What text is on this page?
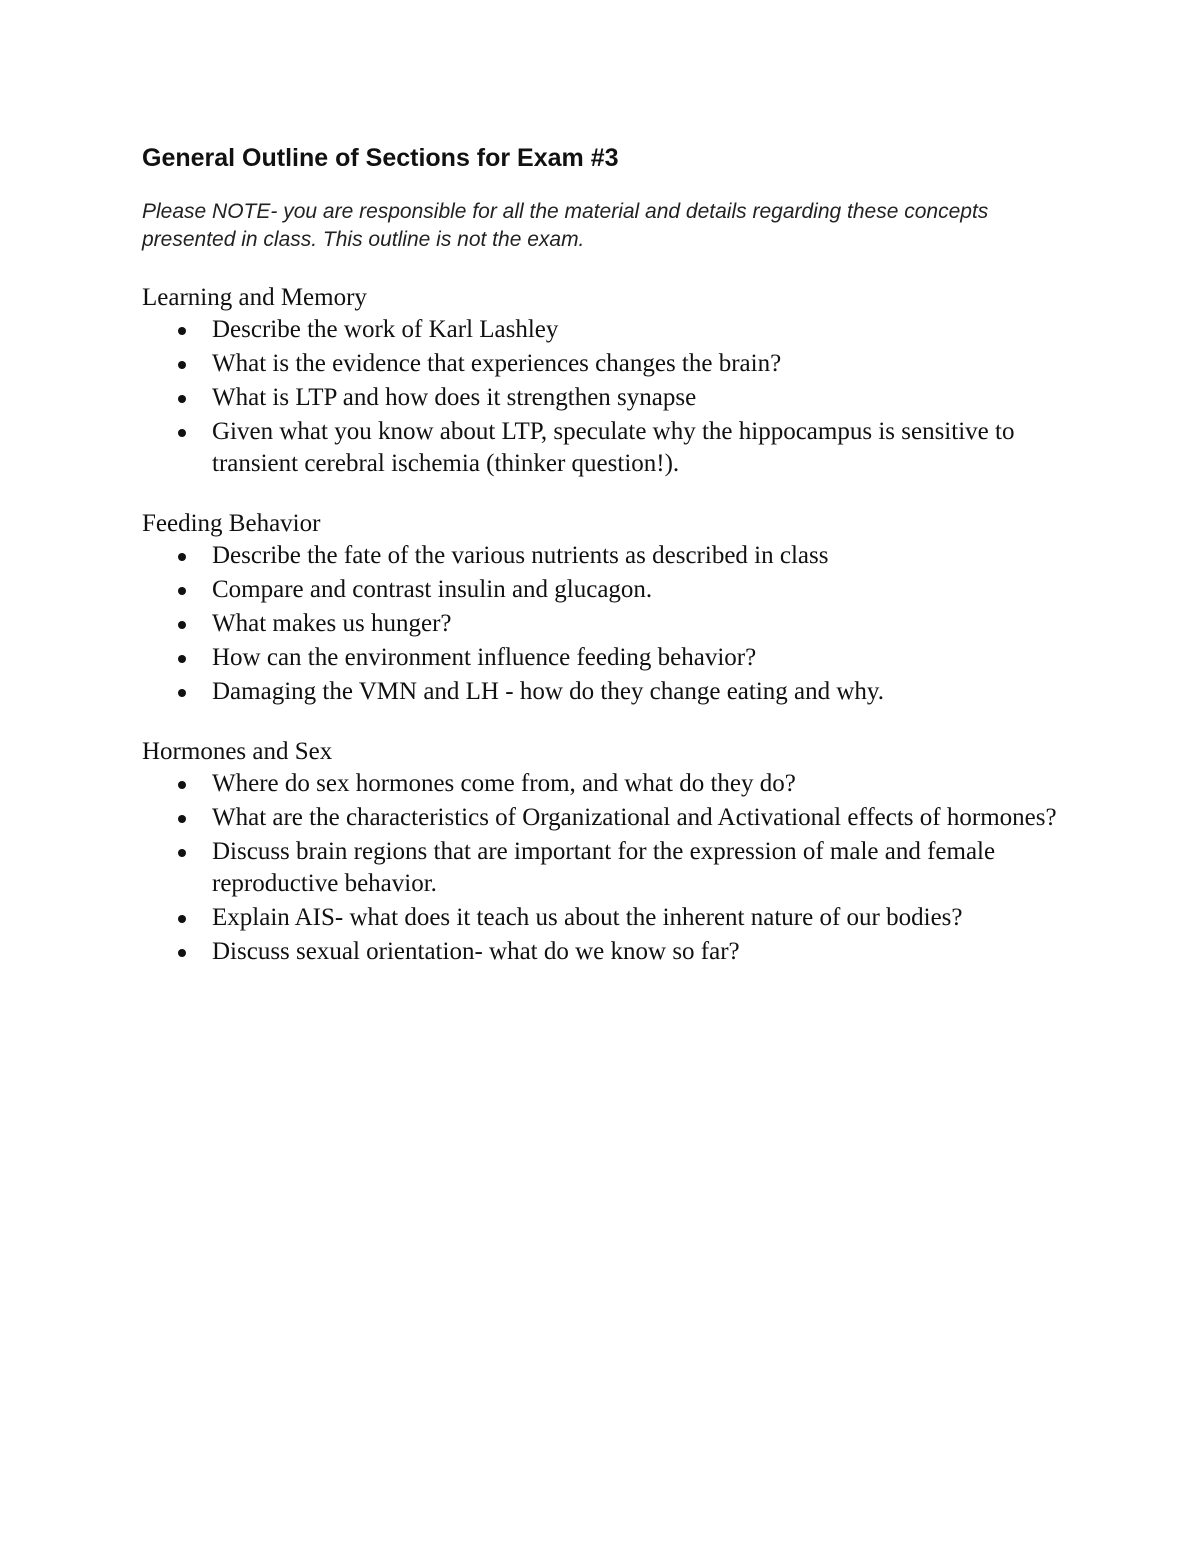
General Outline of Sections for Exam #3

Please NOTE- you are responsible for all the material and details regarding these concepts presented in class. This outline is not the exam.

Learning and Memory

Describe the work of Karl Lashley
What is the evidence that experiences changes the brain?
What is LTP and how does it strengthen synapse
Given what you know about LTP, speculate why the hippocampus is sensitive to transient cerebral ischemia (thinker question!).

Feeding Behavior

Describe the fate of the various nutrients as described in class
Compare and contrast insulin and glucagon.
What makes us hunger?
How can the environment influence feeding behavior?
Damaging the VMN and LH - how do they change eating and why.

Hormones and Sex

Where do sex hormones come from, and what do they do?
What are the characteristics of Organizational and Activational effects of hormones?
Discuss brain regions that are important for the expression of male and female reproductive behavior.
Explain AIS- what does it teach us about the inherent nature of our bodies?
Discuss sexual orientation- what do we know so far?
